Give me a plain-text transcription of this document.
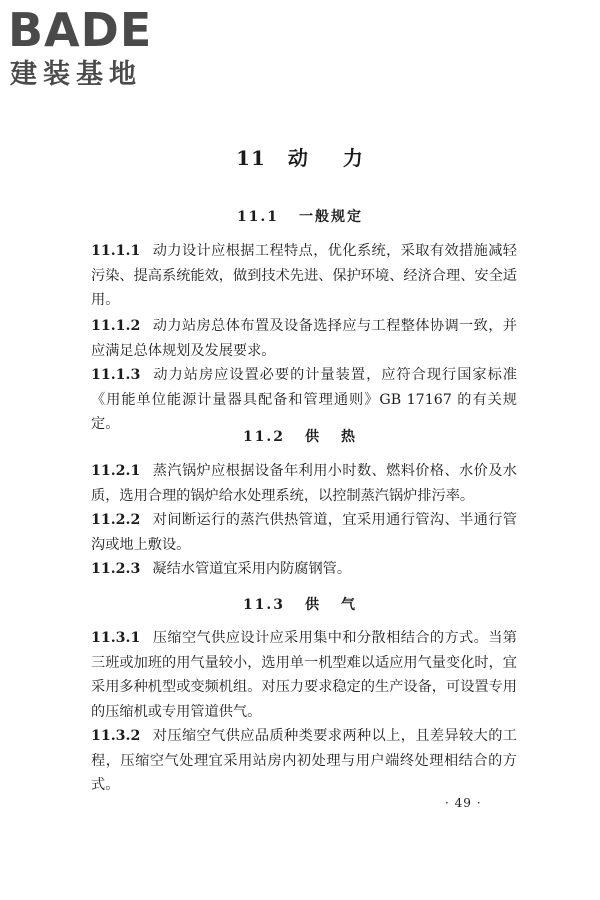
BADE
建装基地
11 动 力
11.1 一般规定

11.1.1 动力设计应根据工程特点，优化系统，采取有效措施减轻污染、提高系统能效，做到技术先进、保护环境、经济合理、安全适用。

11.1.2 动力站房总体布置及设备选择应与工程整体协调一致，并应满足总体规划及发展要求。

11.1.3 动力站房应设置必要的计量装置，应符合现行国家标准《用能单位能源计量器具配备和管理通则》GB 17167 的有关规定。

11.2 供 热

11.2.1 蒸汽锅炉应根据设备年利用小时数、燃料价格、水价及水质，选用合理的锅炉给水处理系统，以控制蒸汽锅炉排污率。

11.2.2 对间断运行的蒸汽供热管道，宜采用通行管沟、半通行管沟或地上敷设。

11.2.3 凝结水管道宜采用内防腐钢管。

11.3 供 气

11.3.1 压缩空气供应设计应采用集中和分散相结合的方式。当第三班或加班的用气量较小，选用单一机型难以适应用气量变化时，宜采用多种机型或变频机组。对压力要求稳定的生产设备，可设置专用的压缩机或专用管道供气。

11.3.2 对压缩空气供应品质种类要求两种以上，且差异较大的工程，压缩空气处理宜采用站房内初处理与用户端终处理相结合的方式。

· 49 ·
